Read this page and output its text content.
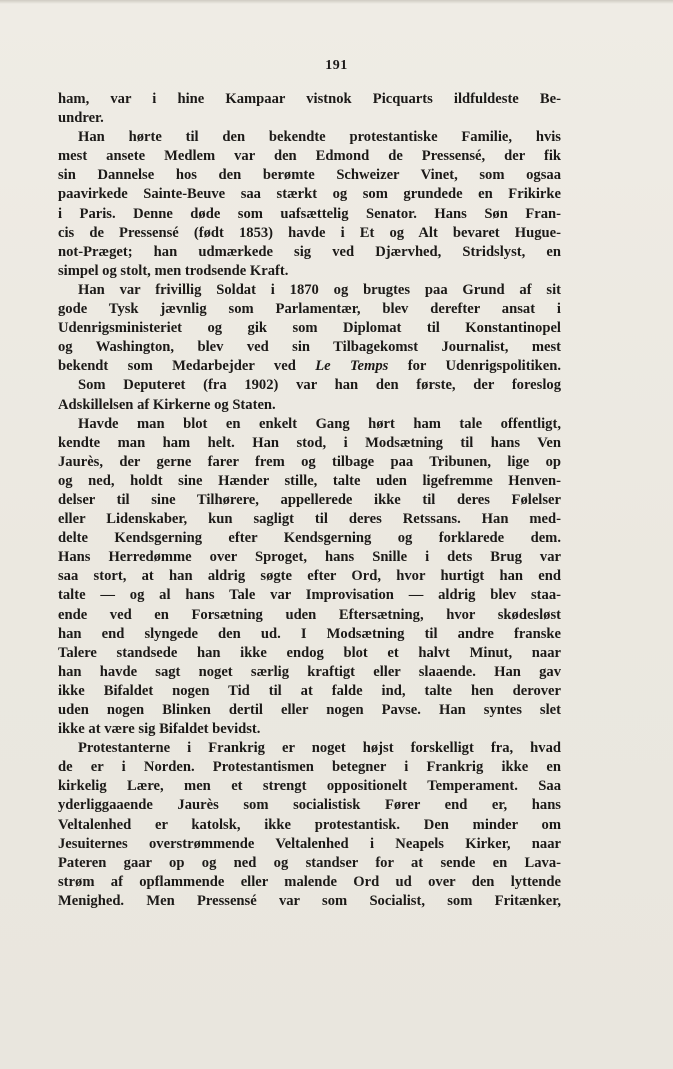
191
ham, var i hine Kampaar vistnok Picquarts ildfuldeste Be-
undrer.
Han hørte til den bekendte protestantiske Familie, hvis
mest ansete Medlem var den Edmond de Pressensé, der fik
sin Dannelse hos den berømte Schweizer Vinet, som ogsaa
paavirkede Sainte-Beuve saa stærkt og som grundede en Frikirke
i Paris. Denne døde som uafsættelig Senator. Hans Søn Fran-
cis de Pressensé (født 1853) havde i Et og Alt bevaret Hugue-
not-Præget; han udmærkede sig ved Djærvhed, Stridslyst, en
simpel og stolt, men trodsende Kraft.
Han var frivillig Soldat i 1870 og brugtes paa Grund af sit
gode Tysk jævnlig som Parlamentær, blev derefter ansat i
Udenrigsministeriet og gik som Diplomat til Konstantinopel
og Washington, blev ved sin Tilbagekomst Journalist, mest
bekendt som Medarbejder ved Le Temps for Udenrigspolitiken.
Som Deputeret (fra 1902) var han den første, der foreslog
Adskillelsen af Kirkerne og Staten.
Havde man blot en enkelt Gang hørt ham tale offentligt,
kendte man ham helt. Han stod, i Modsætning til hans Ven
Jaurès, der gerne farer frem og tilbage paa Tribunen, lige op
og ned, holdt sine Hænder stille, talte uden ligefremme Henven-
delser til sine Tilhørere, appellerede ikke til deres Følelser
eller Lidenskaber, kun sagligt til deres Retssans. Han med-
delte Kendsgerning efter Kendsgerning og forklarede dem.
Hans Herredømme over Sproget, hans Snille i dets Brug var
saa stort, at han aldrig søgte efter Ord, hvor hurtigt han end
talte — og al hans Tale var Improvisation — aldrig blev staa-
ende ved en Forsætning uden Eftersætning, hvor skødesløst
han end slyngede den ud. I Modsætning til andre franske
Talere standsede han ikke endog blot et halvt Minut, naar
han havde sagt noget særlig kraftigt eller slaaende. Han gav
ikke Bifaldet nogen Tid til at falde ind, talte hen derover
uden nogen Blinken dertil eller nogen Pavse. Han syntes slet
ikke at være sig Bifaldet bevidst.
Protestanterne i Frankrig er noget højst forskelligt fra, hvad
de er i Norden. Protestantismen betegner i Frankrig ikke en
kirkelig Lære, men et strengt oppositionelt Temperament. Saa
yderliggaaende Jaurès som socialistisk Fører end er, hans
Veltalenhed er katolsk, ikke protestantisk. Den minder om
Jesuiternes overstrømmende Veltalenhed i Neapels Kirker, naar
Pateren gaar op og ned og standser for at sende en Lava-
strøm af opflammende eller malende Ord ud over den lyttende
Menighed. Men Pressensé var som Socialist, som Fritænker,
